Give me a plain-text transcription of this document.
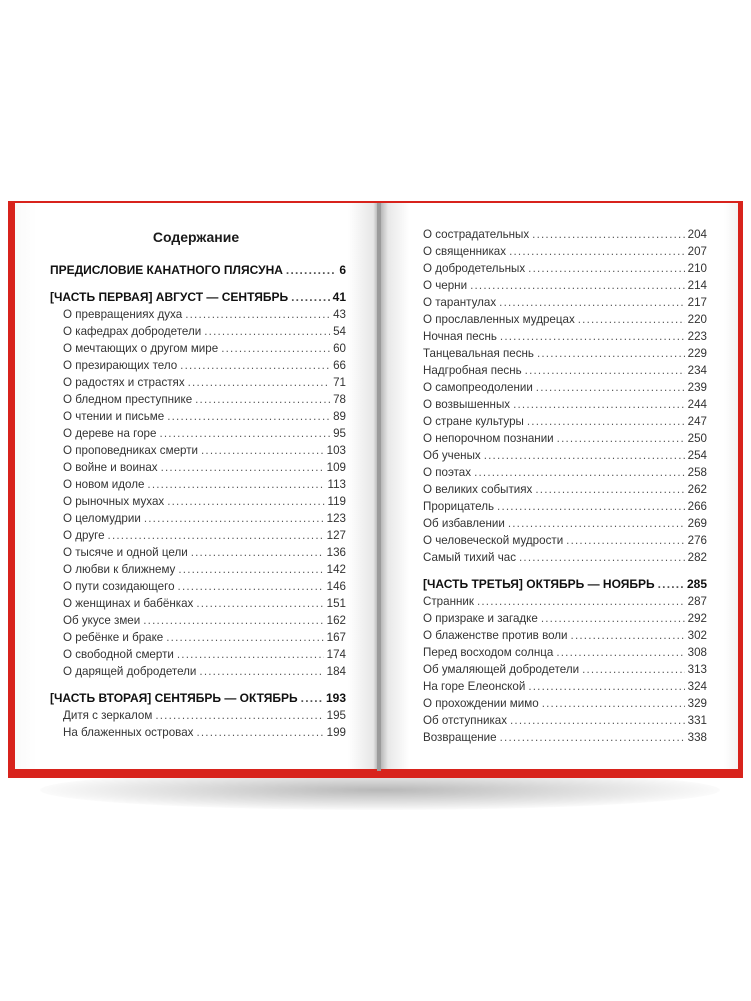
Содержание
ПРЕДИСЛОВИЕ КАНАТНОГО ПЛЯСУНА .....	6
[ЧАСТЬ ПЕРВАЯ] АВГУСТ — СЕНТЯБРЬ .....	41
О превращениях духа .....	43
О кафедрах добродетели .....	54
О мечтающих о другом мире .....	60
О презирающих тело .....	66
О радостях и страстях .....	71
О бледном преступнике .....	78
О чтении и письме .....	89
О дереве на горе .....	95
О проповедниках смерти .....	103
О войне и воинах .....	109
О новом идоле .....	113
О рыночных мухах .....	119
О целомудрии .....	123
О друге .....	127
О тысяче и одной цели .....	136
О любви к ближнему .....	142
О пути созидающего .....	146
О женщинах и бабёнках .....	151
Об укусе змеи .....	162
О ребёнке и браке .....	167
О свободной смерти .....	174
О дарящей добродетели .....	184
[ЧАСТЬ ВТОРАЯ] СЕНТЯБРЬ — ОКТЯБРЬ ..... 193
Дитя с зеркалом .....	195
На блаженных островах .....	199
О сострадательных .....	204
О священниках .....	207
О добродетельных .....	210
О черни .....	214
О тарантулах .....	217
О прославленных мудрецах .....	220
Ночная песнь .....	223
Танцевальная песнь .....	229
Надгробная песнь .....	234
О самопреодолении .....	239
О возвышенных .....	244
О стране культуры .....	247
О непорочном познании .....	250
Об ученых .....	254
О поэтах .....	258
О великих событиях .....	262
Прорицатель .....	266
Об избавлении .....	269
О человеческой мудрости .....	276
Самый тихий час .....	282
[ЧАСТЬ ТРЕТЬЯ] ОКТЯБРЬ — НОЯБРЬ .....	285
Странник .....	287
О призраке и загадке .....	292
О блаженстве против воли .....	302
Перед восходом солнца .....	308
Об умаляющей добродетели .....	313
На горе Елеонской .....	324
О прохождении мимо .....	329
Об отступниках .....	331
Возвращение .....	338
